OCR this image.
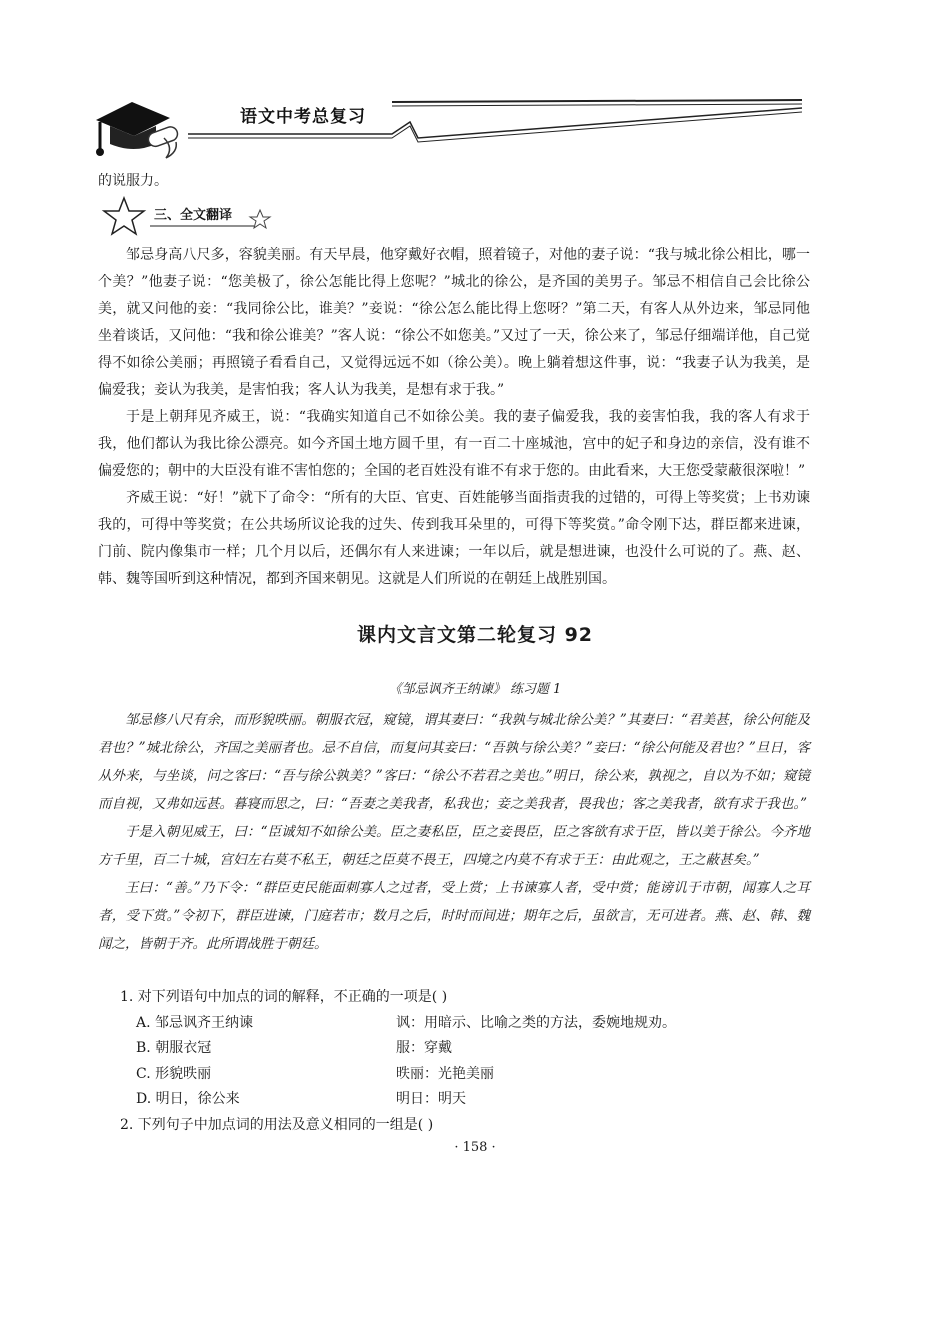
语文中考总复习
的说服力。
三、全文翻译

邹忌身高八尺多，容貌美丽。有天早晨，他穿戴好衣帽，照着镜子，对他的妻子说：“我与城北徐公相比，哪一个美？”他妻子说：“您美极了，徐公怎能比得上您呢？”城北的徐公，是齐国的美男子。邹忌不相信自己会比徐公美，就又问他的妾：“我同徐公比，谁美？”妾说：“徐公怎么能比得上您呀？”第二天，有客人从外边来，邹忌同他坐着谈话，又问他：“我和徐公谁美？”客人说：“徐公不如您美。”又过了一天，徐公来了，邹忌仔细端详他，自己觉得不如徐公美丽；再照镜子看看自己，又觉得远远不如（徐公美）。晚上躺着想这件事，说：“我妻子认为我美，是偏爱我；妾认为我美，是害怕我；客人认为我美，是想有求于我。”

于是上朝拜见齐威王，说：“我确实知道自己不如徐公美。我的妻子偏爱我，我的妾害怕我，我的客人有求于我，他们都认为我比徐公漂亮。如今齐国土地方圆千里，有一百二十座城池，宫中的妃子和身边的亲信，没有谁不偏爱您的；朝中的大臣没有谁不害怕您的；全国的老百姓没有谁不有求于您的。由此看来，大王您受蒙蔽很深啦！”

齐威王说：“好！”就下了命令：“所有的大臣、官吏、百姓能够当面指责我的过错的，可得上等奖赏；上书劝谏我的，可得中等奖赏；在公共场所议论我的过失、传到我耳朵里的，可得下等奖赏。”命令刚下达，群臣都来进谏，门前、院内像集市一样；几个月以后，还偶尔有人来进谏；一年以后，就是想进谏，也没什么可说的了。燕、赵、韩、魏等国听到这种情况，都到齐国来朝见。这就是人们所说的在朝廷上战胜别国。

课内文言文第二轮复习 92
《邹忌讽齐王纳谏》 练习题 1

邹忌修八尺有余，而形貌昳丽。朝服衣冠，窥镜，谓其妻曰：“我孰与城北徐公美？”其妻曰：“君美甚，徐公何能及君也？”城北徐公，齐国之美丽者也。忌不自信，而复问其妾曰：“吾孰与徐公美？”妾曰：“徐公何能及君也？”旦日，客从外来，与坐谈，问之客曰：“吾与徐公孰美？”客曰：“徐公不若君之美也。”明日，徐公来，孰视之，自以为不如；窥镜而自视，又弗如远甚。暮寝而思之，曰：“吾妻之美我者，私我也；妾之美我者，畏我也；客之美我者，欲有求于我也。”

于是入朝见威王，曰：“臣诚知不如徐公美。臣之妻私臣，臣之妾畏臣，臣之客欲有求于臣，皆以美于徐公。今齐地方千里，百二十城，宫妇左右莫不私王，朝廷之臣莫不畏王，四境之内莫不有求于王：由此观之，王之蔽甚矣。”

王曰：“善。”乃下令：“群臣吏民能面刺寡人之过者，受上赏；上书谏寡人者，受中赏；能谤讥于市朝，闻寡人之耳者，受下赏。”令初下，群臣进谏，门庭若市；数月之后，时时而间进；期年之后，虽欲言，无可进者。燕、赵、韩、魏闻之，皆朝于齐。此所谓战胜于朝廷。

1. 对下列语句中加点的词的解释，不正确的一项是( )

A. 邹忌讽齐王纳谏	讽：用暗示、比喻之类的方法，委婉地规劝。
B. 朝服衣冠	服：穿戴
C. 形貌昳丽	昳丽：光艳美丽
D. 明日，徐公来	明日：明天

2. 下列句子中加点词的用法及意义相同的一组是( )

· 158 ·
